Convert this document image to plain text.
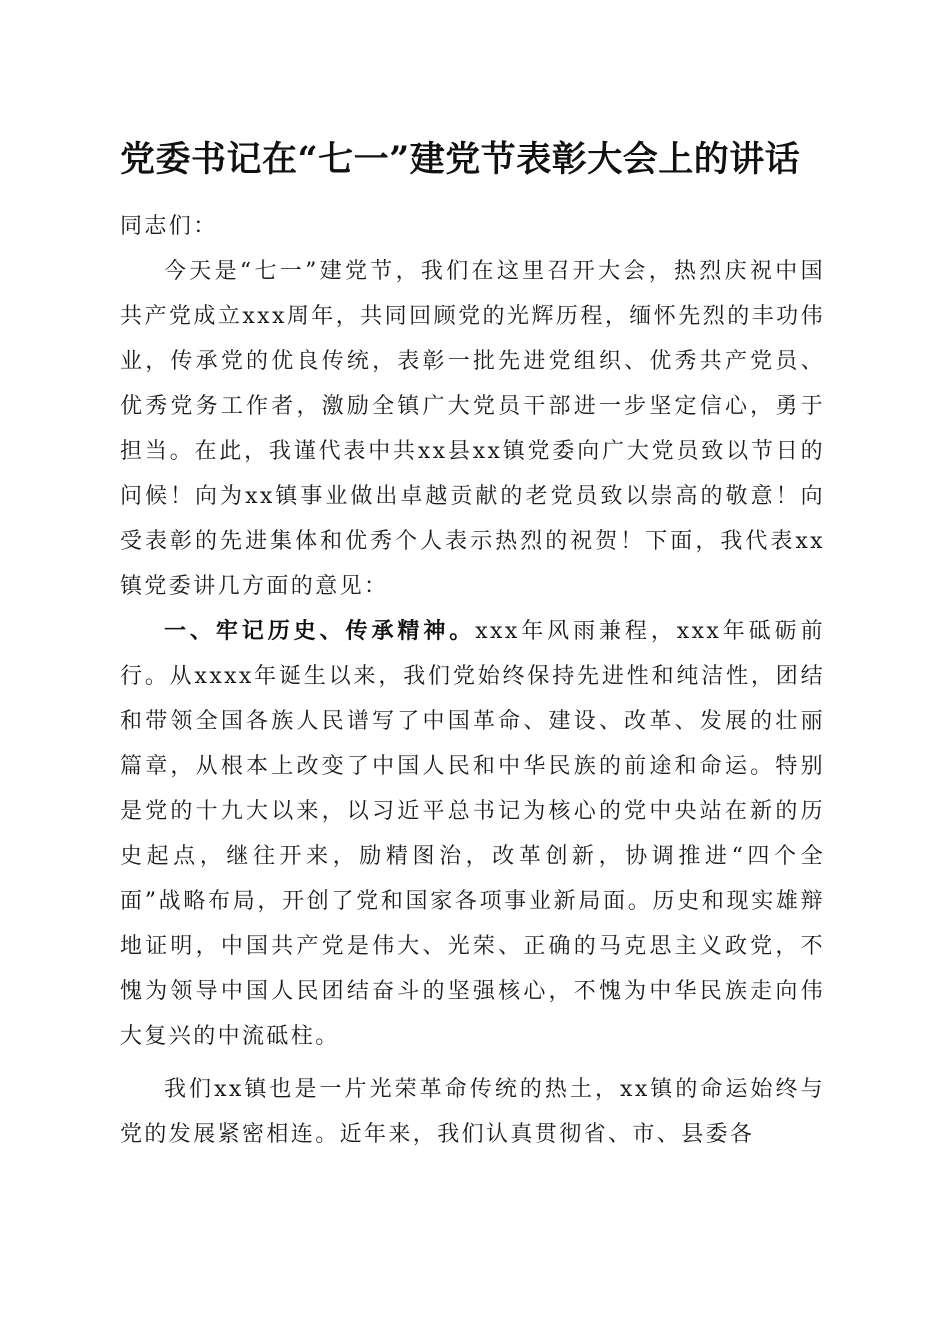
党委书记在“七一”建党节表彰大会上的讲话

同志们：

今天是“七一”建党节，我们在这里召开大会，热烈庆祝中国共产党成立xxx周年，共同回顾党的光辉历程，缅怀先烈的丰功伟业，传承党的优良传统，表彰一批先进党组织、优秀共产党员、优秀党务工作者，激励全镇广大党员干部进一步坚定信心，勇于担当。在此，我谨代表中共xx县xx镇党委向广大党员致以节日的问候！向为xx镇事业做出卓越贡献的老党员致以崇高的敬意！向受表彰的先进集体和优秀个人表示热烈的祝贺！下面，我代表xx镇党委讲几方面的意见：

一、牢记历史、传承精神。xxx年风雨兼程，xxx年砥砺前行。从xxxx年诞生以来，我们党始终保持先进性和纯洁性，团结和带领全国各族人民谱写了中国革命、建设、改革、发展的壮丽篇章，从根本上改变了中国人民和中华民族的前途和命运。特别是党的十九大以来，以习近平总书记为核心的党中央站在新的历史起点，继往开来，励精图治，改革创新，协调推进“四个全面”战略布局，开创了党和国家各项事业新局面。历史和现实雄辩地证明，中国共产党是伟大、光荣、正确的马克思主义政党，不愧为领导中国人民团结奋斗的坚强核心，不愧为中华民族走向伟大复兴的中流砥柱。

我们xx镇也是一片光荣革命传统的热土，xx镇的命运始终与党的发展紧密相连。近年来，我们认真贯彻省、市、县委各
